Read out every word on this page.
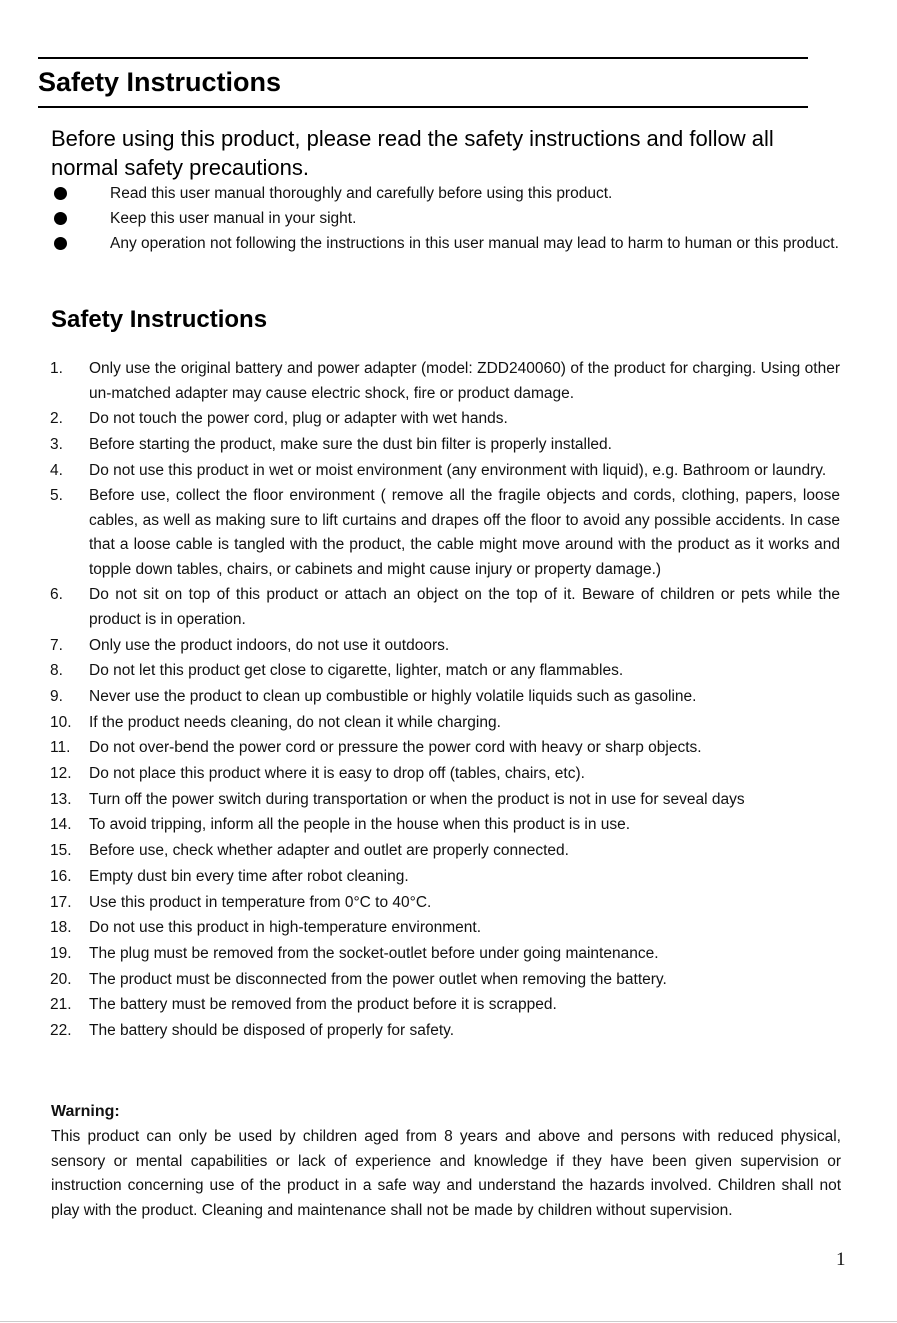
Safety Instructions

Before using this product, please read the safety instructions and follow all normal safety precautions.

Read this user manual thoroughly and carefully before using this product.
Keep this user manual in your sight.
Any operation not following the instructions in this user manual may lead to harm to human or this product.
Safety Instructions
1. Only use the original battery and power adapter (model: ZDD240060) of the product for charging. Using other un-matched adapter may cause electric shock, fire or product damage.
2. Do not touch the power cord, plug or adapter with wet hands.
3. Before starting the product, make sure the dust bin filter is properly installed.
4. Do not use this product in wet or moist environment (any environment with liquid), e.g. Bathroom or laundry.
5. Before use, collect the floor environment ( remove all the fragile objects and cords, clothing, papers, loose cables, as well as making sure to lift curtains and drapes off the floor to avoid any possible accidents. In case that a loose cable is tangled with the product, the cable might move around with the product as it works and topple down tables, chairs, or cabinets and might cause injury or property damage.)
6. Do not sit on top of this product or attach an object on the top of it. Beware of children or pets while the product is in operation.
7. Only use the product indoors, do not use it outdoors.
8. Do not let this product get close to cigarette, lighter, match or any flammables.
9. Never use the product to clean up combustible or highly volatile liquids such as gasoline.
10. If the product needs cleaning, do not clean it while charging.
11. Do not over-bend the power cord or pressure the power cord with heavy or sharp objects.
12. Do not place this product where it is easy to drop off (tables, chairs, etc).
13. Turn off the power switch during transportation or when the product is not in use for seveal days
14. To avoid tripping, inform all the people in the house when this product is in use.
15. Before use, check whether adapter and outlet are properly connected.
16. Empty dust bin every time after robot cleaning.
17. Use this product in temperature from 0°C to 40°C.
18. Do not use this product in high-temperature environment.
19. The plug must be removed from the socket-outlet before under going maintenance.
20. The product must be disconnected from the power outlet when removing the battery.
21. The battery must be removed from the product before it is scrapped.
22. The battery should be disposed of properly for safety.
Warning:

This product can only be used by children aged from 8 years and above and persons with reduced physical, sensory or mental capabilities or lack of experience and knowledge if they have been given supervision or instruction concerning use of the product in a safe way and understand the hazards involved. Children shall not play with the product. Cleaning and maintenance shall not be made by children without supervision.

1
